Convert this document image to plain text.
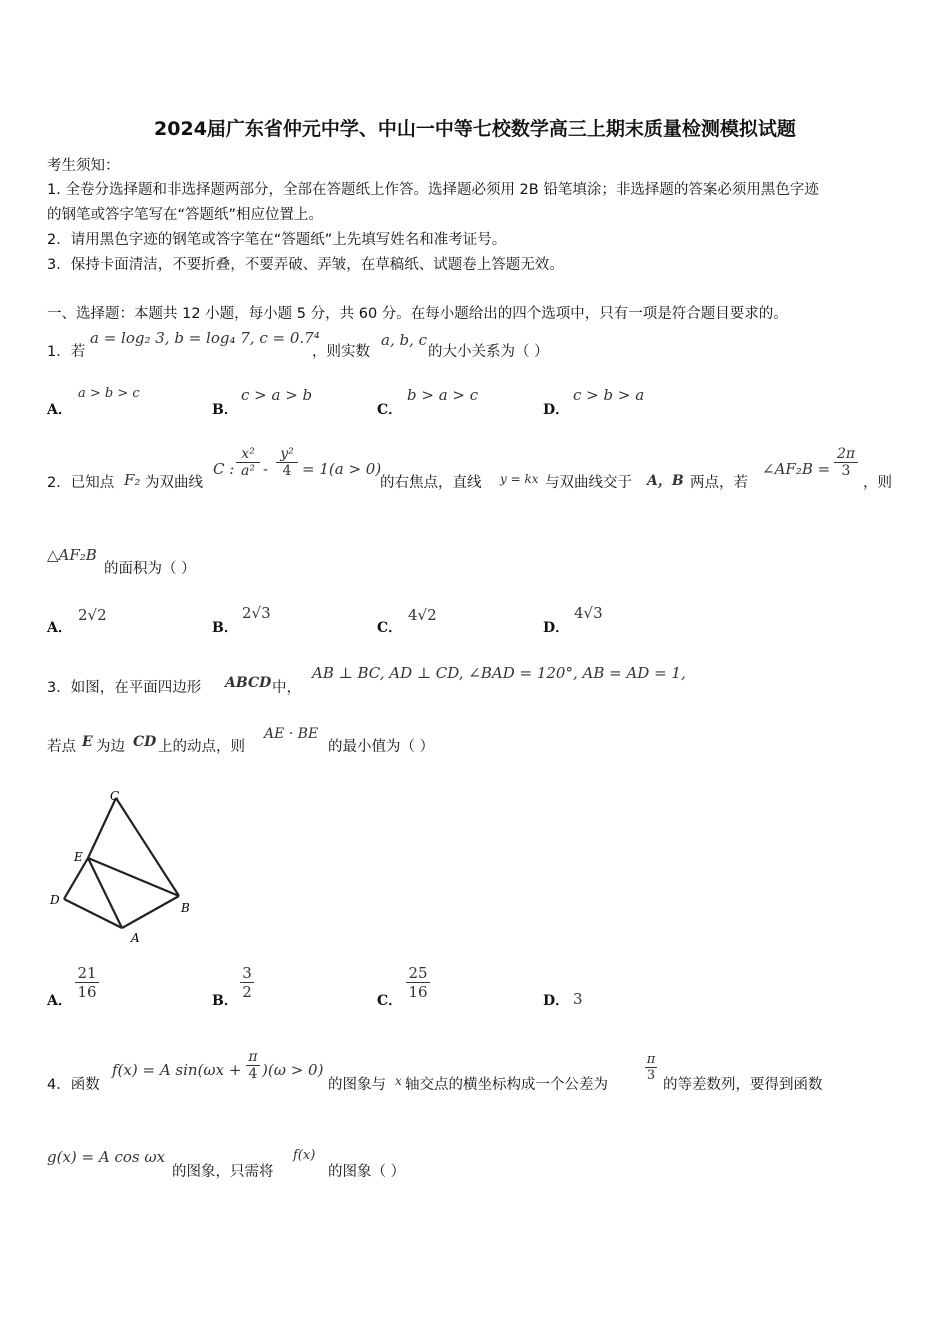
2024届广东省仲元中学、中山一中等七校数学高三上期末质量检测模拟试题
考生须知：
1. 全卷分选择题和非选择题两部分，全部在答题纸上作答。选择题必须用 2B 铅笔填涂；非选择题的答案必须用黑色字迹
的钢笔或答字笔写在“答题纸”相应位置上。
2．请用黑色字迹的钢笔或答字笔在“答题纸”上先填写姓名和准考证号。
3．保持卡面清洁，不要折叠，不要弄破、弄皱，在草稿纸、试题卷上答题无效。
一、选择题：本题共 12 小题，每小题 5 分，共 60 分。在每小题给出的四个选项中，只有一项是符合题目要求的。
1．若
a = log₂ 3, b = log₄ 7, c = 0.7⁴
，则实数
a, b, c
的大小关系为（ ）
A．
a > b > c
B．
c > a > b
C．
b > a > c
D．
c > b > a
2．已知点 F₂ 为双曲线
C :
x²
a² -
y²
4 = 1(a > 0)
的右焦点，直线 y = kx 与双曲线交于 A，B 两点，若
∠AF₂B = $\frac{2\pi}{3}$
，则
△AF₂B
的面积为（ ）
A．
2√2
B．
2√3
C．
4√2
D．
4√3
3．如图，在平面四边形 ABCD 中，
AB ⊥ BC, AD ⊥ CD, ∠BAD = 120°, AB = AD = 1,
若点 E 为边 CD 上的动点，则
AE · BE
的最小值为（ ）
C
E
D
B
A
A． $\frac{21}{16}$	B． $\frac{3}{2}$	C． $\frac{25}{16}$	D． 3
4．函数
f(x) = A sin(ωx +
π
4 )(ω > 0)
的图象与 x 轴交点的横坐标构成一个公差为
π
3
的等差数列，要得到函数
g(x) = A cos ωx
的图象，只需将
f(x)
的图象（ ）
